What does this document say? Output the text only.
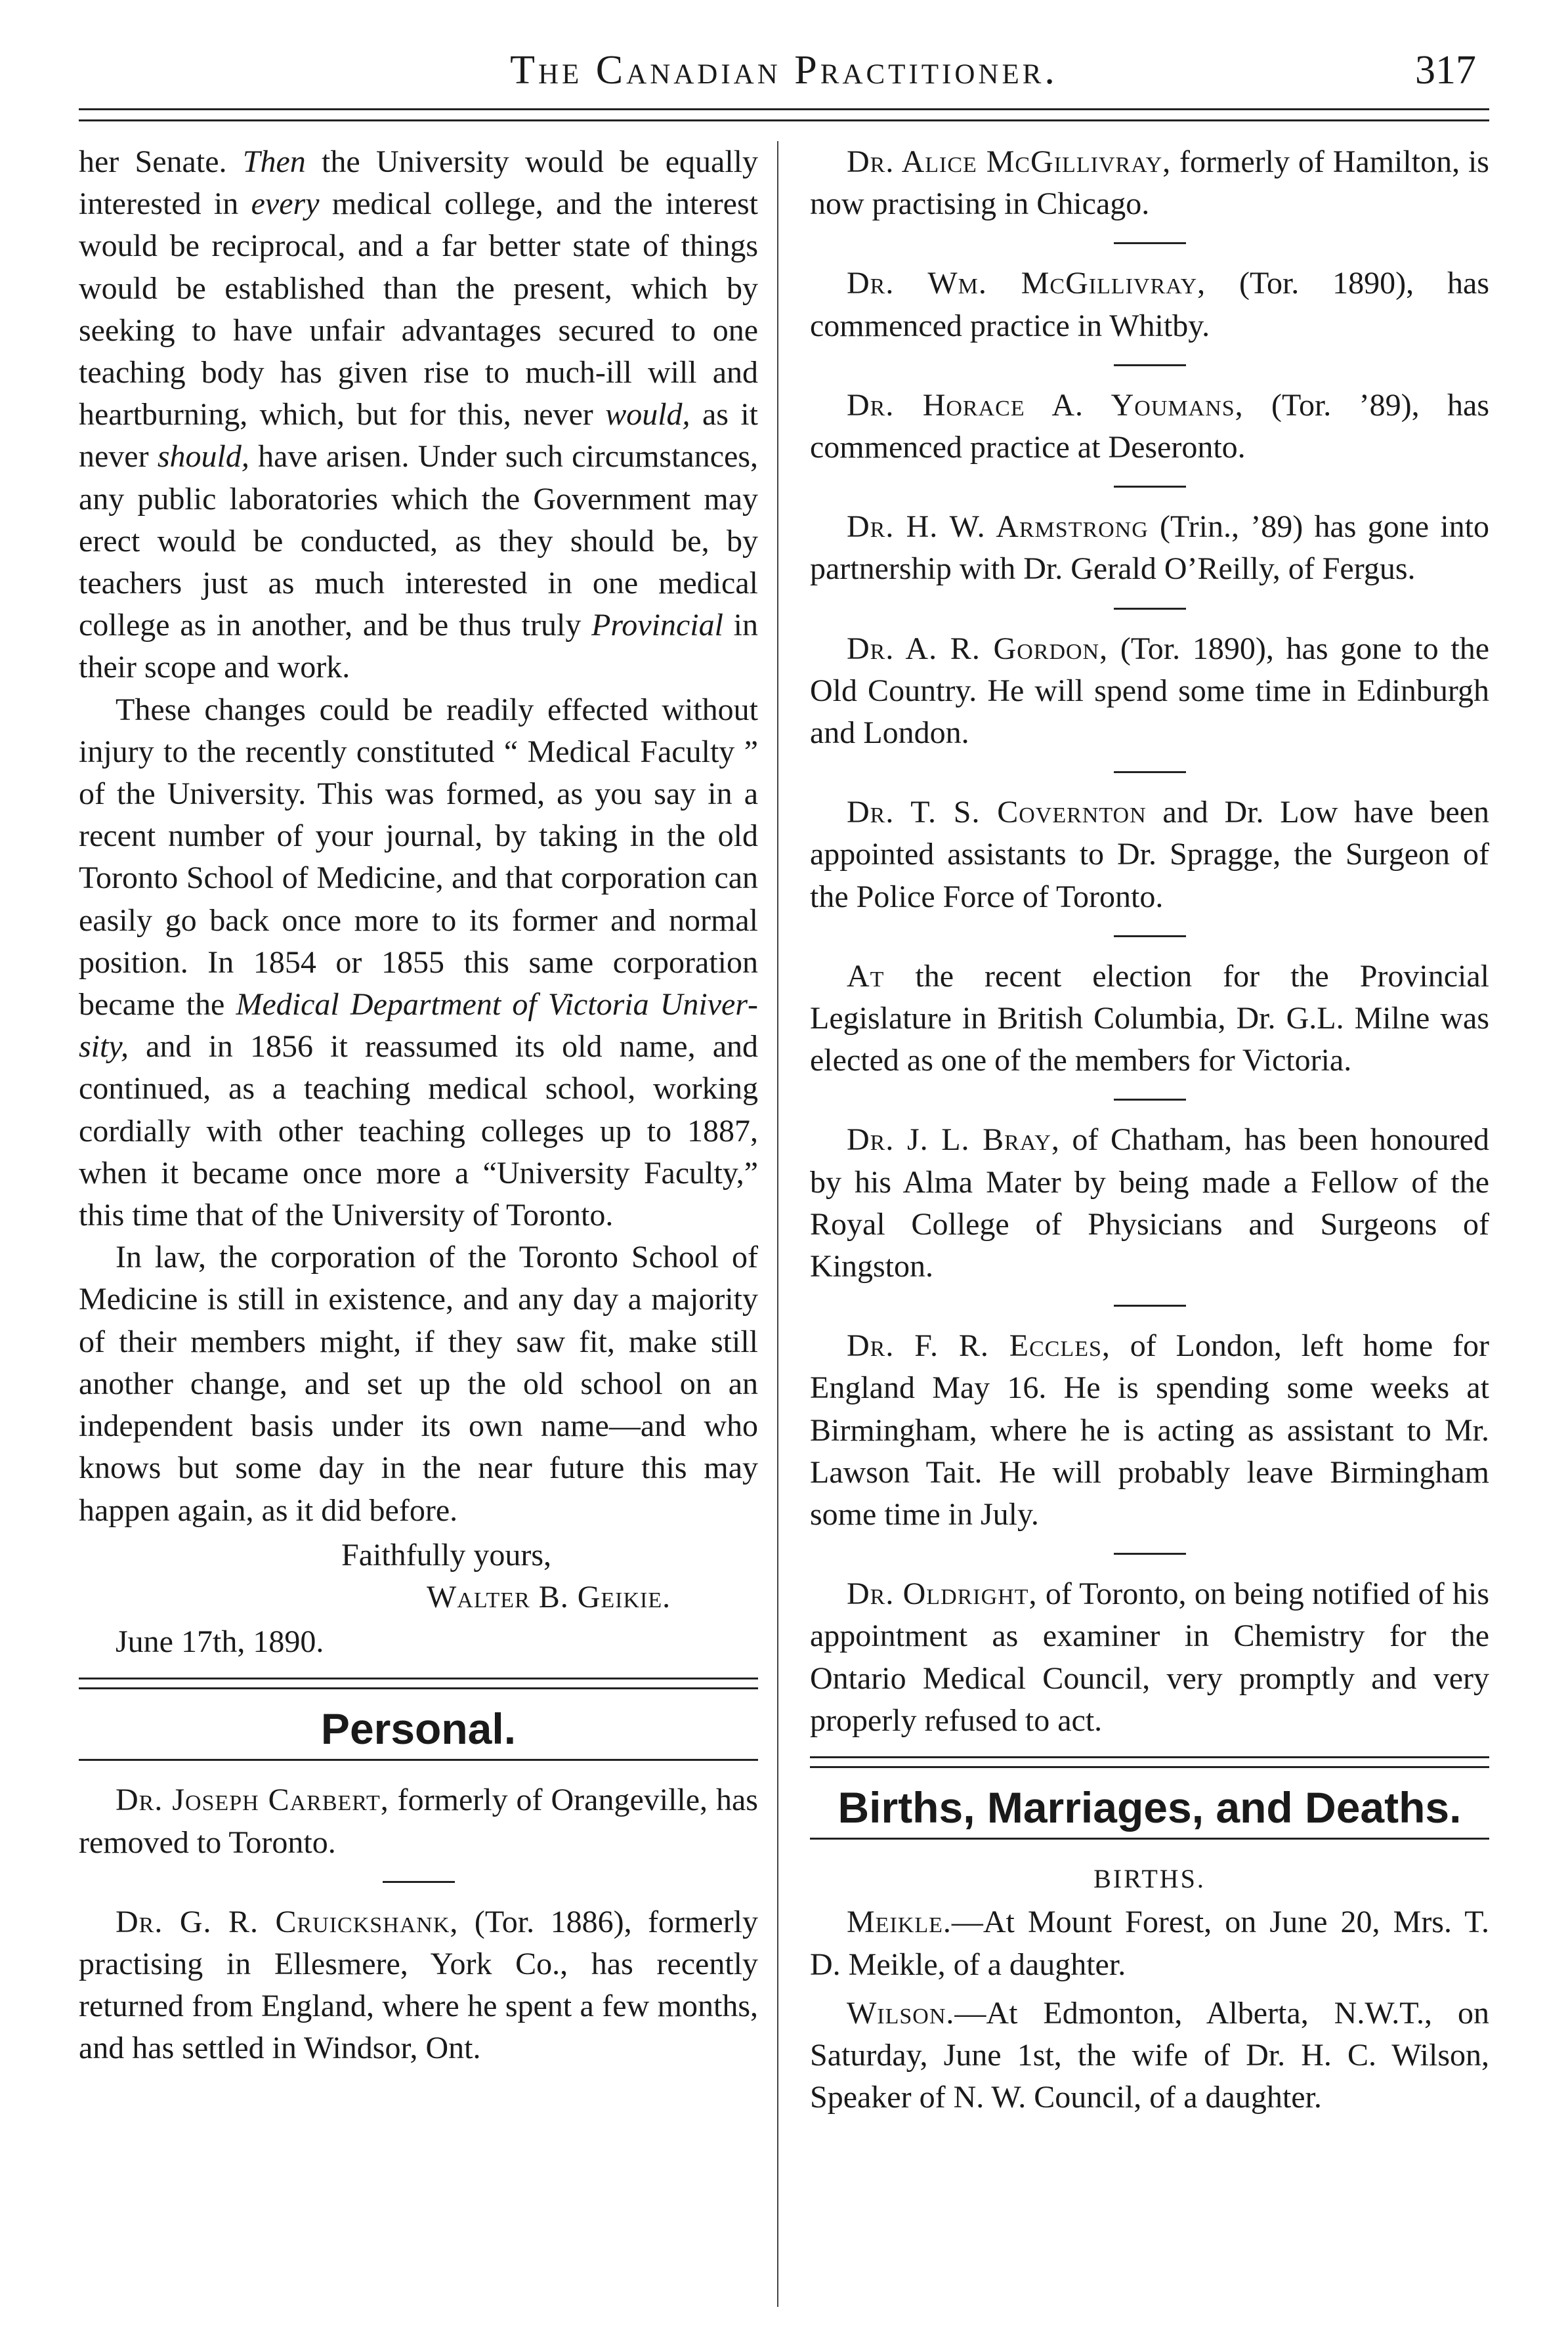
The Canadian Practitioner.	317

her Senate. Then the University would be equally interested in every medical college, and the interest would be reciprocal, and a far better state of things would be established than the present, which by seeking to have unfair advantages secured to one teaching body has given rise to much-ill will and heartburning, which, but for this, never would, as it never should, have arisen. Under such circumstances, any public laboratories which the Government may erect would be conducted, as they should be, by teachers just as much interested in one medical college as in another, and be thus truly Provincial in their scope and work.

These changes could be readily effected without injury to the recently constituted “ Medical Faculty ” of the University. This was formed, as you say in a recent number of your journal, by taking in the old Toronto School of Medicine, and that corporation can easily go back once more to its former and normal position. In 1854 or 1855 this same corporation became the Medical Department of Victoria University, and in 1856 it reassumed its old name, and continued, as a teaching medical school, working cordially with other teaching colleges up to 1887, when it became once more a “University Faculty,” this time that of the University of Toronto.

In law, the corporation of the Toronto School of Medicine is still in existence, and any day a majority of their members might, if they saw fit, make still another change, and set up the old school on an independent basis under its own name—and who knows but some day in the near future this may happen again, as it did before.

Faithfully yours,

Walter B. Geikie.

June 17th, 1890.

Personal.

Dr. Joseph Carbert, formerly of Orangeville, has removed to Toronto.

Dr. G. R. Cruickshank, (Tor. 1886), formerly practising in Ellesmere, York Co., has recently returned from England, where he spent a few months, and has settled in Windsor, Ont.

Dr. Alice McGillivray, formerly of Hamilton, is now practising in Chicago.

Dr. Wm. McGillivray, (Tor. 1890), has commenced practice in Whitby.

Dr. Horace A. Youmans, (Tor. ’89), has commenced practice at Deseronto.

Dr. H. W. Armstrong (Trin., ’89) has gone into partnership with Dr. Gerald O’Reilly, of Fergus.

Dr. A. R. Gordon, (Tor. 1890), has gone to the Old Country. He will spend some time in Edinburgh and London.

Dr. T. S. Covernton and Dr. Low have been appointed assistants to Dr. Spragge, the Surgeon of the Police Force of Toronto.

At the recent election for the Provincial Legislature in British Columbia, Dr. G.L. Milne was elected as one of the members for Victoria.

Dr. J. L. Bray, of Chatham, has been honoured by his Alma Mater by being made a Fellow of the Royal College of Physicians and Surgeons of Kingston.

Dr. F. R. Eccles, of London, left home for England May 16. He is spending some weeks at Birmingham, where he is acting as assistant to Mr. Lawson Tait. He will probably leave Birmingham some time in July.

Dr. Oldright, of Toronto, on being notified of his appointment as examiner in Chemistry for the Ontario Medical Council, very promptly and very properly refused to act.

Births, Marriages, and Deaths.
BIRTHS.

Meikle.—At Mount Forest, on June 20, Mrs. T. D. Meikle, of a daughter.

Wilson.—At Edmonton, Alberta, N.W.T., on Saturday, June 1st, the wife of Dr. H. C. Wilson, Speaker of N. W. Council, of a daughter.
